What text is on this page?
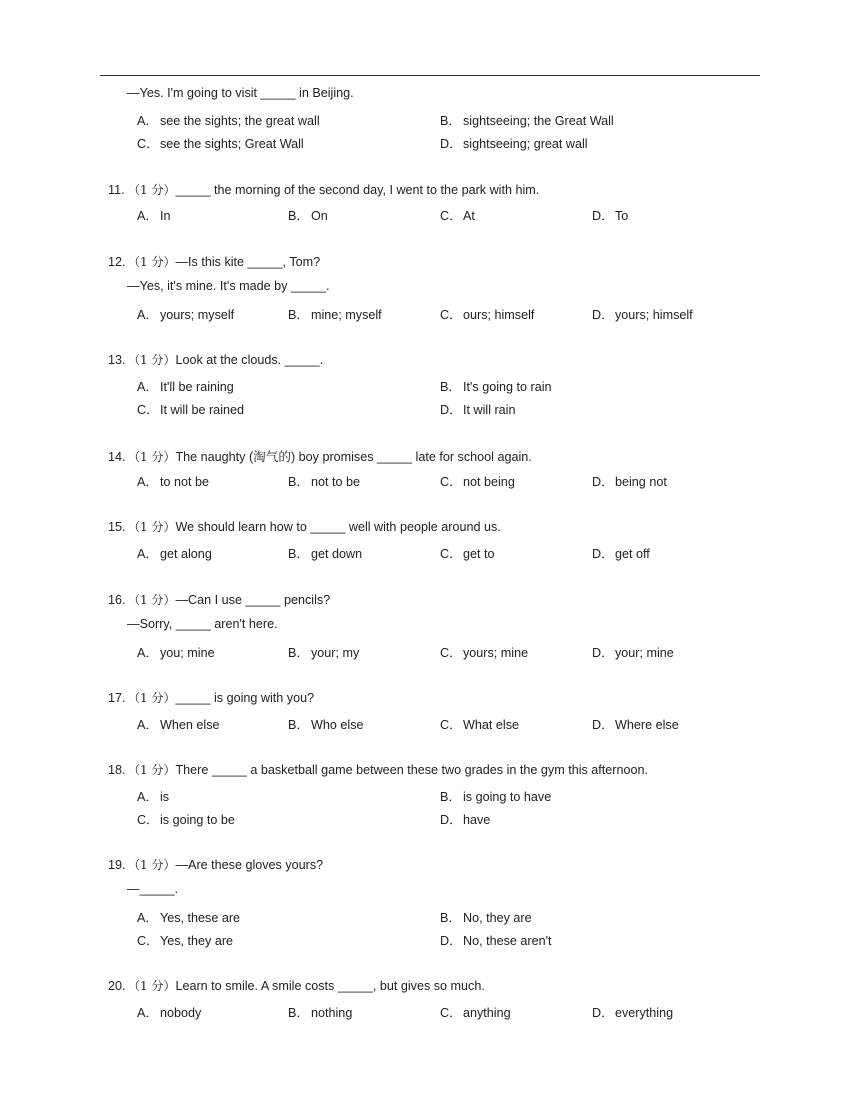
—Yes. I'm going to visit _____ in Beijing.
A． see the sights; the great wall	B． sightseeing; the Great Wall
C．see the sights; Great Wall	D．sightseeing; great wall
11. （1 分）_____ the morning of the second day, I went to the park with him.
A． In	B． On	C．At	D．To
12. （1 分）—Is this kite _____, Tom?
—Yes, it's mine. It's made by _____.
A． yours; myself	B． mine; myself	C．ours; himself	D．yours; himself
13. （1 分）Look at the clouds. _____.
A． It'll be raining	B． It's going to rain
C．It will be rained	D．It will rain
14. （1 分）The naughty (淘气的) boy promises _____ late for school again.
A． to not be	B． not to be	C．not being	D．being not
15. （1 分）We should learn how to _____ well with people around us.
A． get along	B． get down	C．get to	D．get off
16. （1 分）—Can I use _____ pencils?
—Sorry, _____ aren't here.
A． you; mine	B． your; my	C．yours; mine	D．your; mine
17. （1 分）_____ is going with you?
A． When else	B． Who else	C．What else	D．Where else
18. （1 分）There _____ a basketball game between these two grades in the gym this afternoon.
A． is	B． is going to have
C．is going to be	D．have
19. （1 分）—Are these gloves yours?
—_____.
A． Yes, these are	B． No, they are
C．Yes, they are	D．No, these aren't
20. （1 分）Learn to smile. A smile costs _____, but gives so much.
A． nobody	B． nothing	C．anything	D．everything
